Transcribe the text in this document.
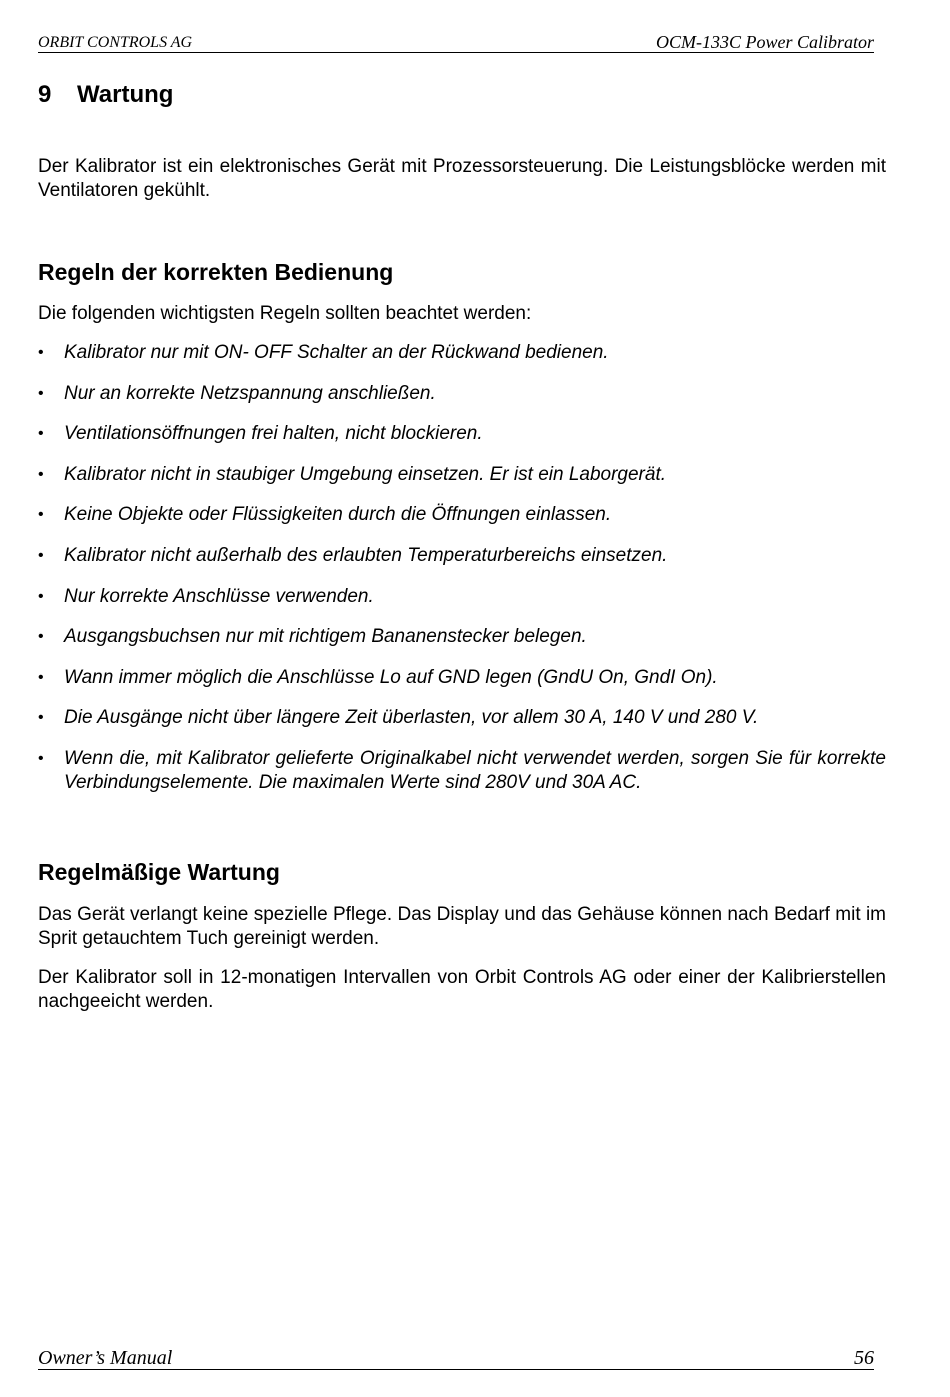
ORBIT CONTROLS AG	OCM-133C Power Calibrator
9 Wartung
Der Kalibrator ist ein elektronisches Gerät mit Prozessorsteuerung. Die Leistungsblöcke werden mit Ventilatoren gekühlt.
Regeln der korrekten Bedienung
Die folgenden wichtigsten Regeln sollten beachtet werden:
• Kalibrator nur mit ON- OFF Schalter an der Rückwand bedienen.
• Nur an korrekte Netzspannung anschließen.
• Ventilationsöffnungen frei halten, nicht blockieren.
• Kalibrator nicht in staubiger Umgebung einsetzen. Er ist ein Laborgerät.
• Keine Objekte oder Flüssigkeiten durch die Öffnungen einlassen.
• Kalibrator nicht außerhalb des erlaubten Temperaturbereichs einsetzen.
• Nur korrekte Anschlüsse verwenden.
• Ausgangsbuchsen nur mit richtigem Bananenstecker belegen.
• Wann immer möglich die Anschlüsse Lo auf GND legen (GndU On, GndI On).
• Die Ausgänge nicht über längere Zeit überlasten, vor allem 30 A, 140 V und 280 V.
• Wenn die, mit Kalibrator gelieferte Originalkabel nicht verwendet werden, sorgen Sie für korrekte Verbindungselemente. Die maximalen Werte sind 280V und 30A AC.
Regelmäßige Wartung
Das Gerät verlangt keine spezielle Pflege. Das Display und das Gehäuse können nach Bedarf mit im Sprit getauchtem Tuch gereinigt werden.
Der Kalibrator soll in 12-monatigen Intervallen von Orbit Controls AG oder einer der Kalibrierstellen nachgeeicht werden.
Owner’s Manual	56
